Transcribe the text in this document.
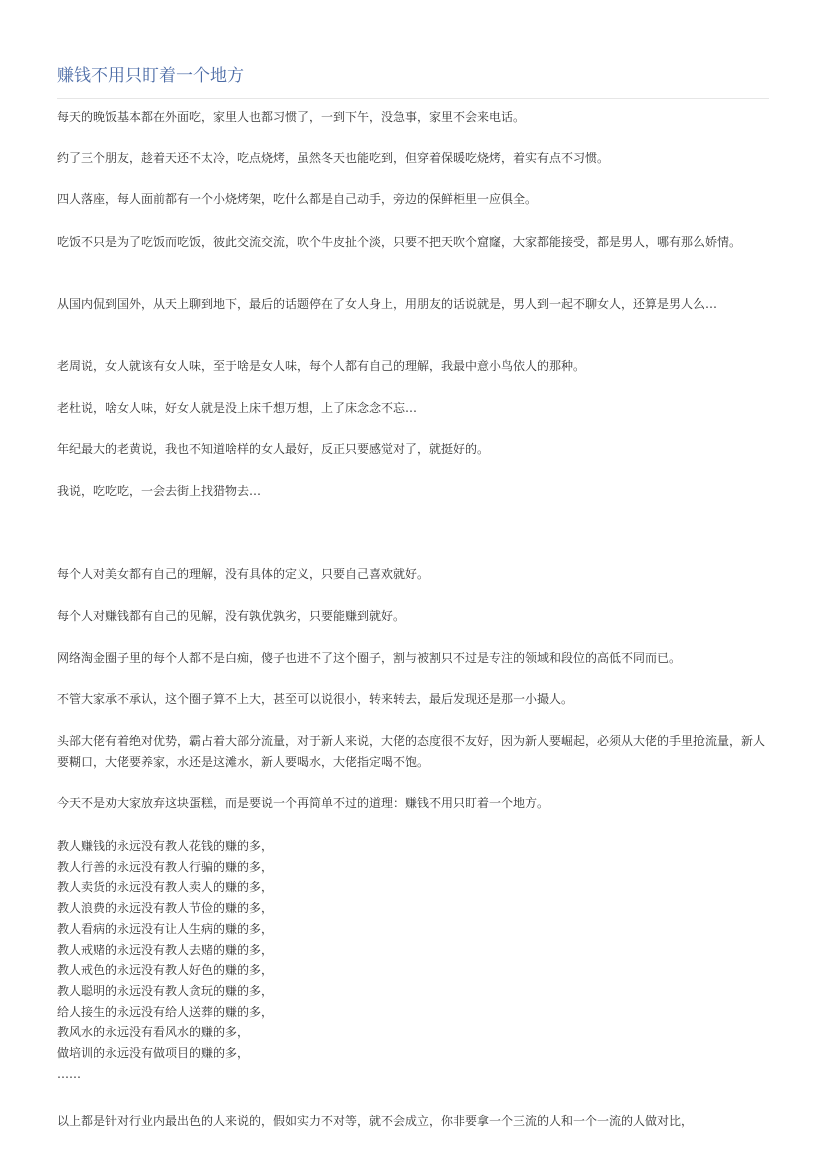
赚钱不用只盯着一个地方

每天的晚饭基本都在外面吃，家里人也都习惯了，一到下午，没急事，家里不会来电话。

约了三个朋友，趁着天还不太冷，吃点烧烤，虽然冬天也能吃到，但穿着保暖吃烧烤，着实有点不习惯。

四人落座，每人面前都有一个小烧烤架，吃什么都是自己动手，旁边的保鲜柜里一应俱全。

吃饭不只是为了吃饭而吃饭，彼此交流交流，吹个牛皮扯个淡，只要不把天吹个窟窿，大家都能接受，都是男人，哪有那么娇情。

从国内侃到国外，从天上聊到地下，最后的话题停在了女人身上，用朋友的话说就是，男人到一起不聊女人，还算是男人么…

老周说，女人就该有女人味，至于啥是女人味，每个人都有自己的理解，我最中意小鸟依人的那种。

老杜说，啥女人味，好女人就是没上床千想万想，上了床念念不忘…

年纪最大的老黄说，我也不知道啥样的女人最好，反正只要感觉对了，就挺好的。

我说，吃吃吃，一会去街上找猎物去…

每个人对美女都有自己的理解，没有具体的定义，只要自己喜欢就好。

每个人对赚钱都有自己的见解，没有孰优孰劣，只要能赚到就好。

网络淘金圈子里的每个人都不是白痴，傻子也进不了这个圈子，割与被割只不过是专注的领域和段位的高低不同而已。

不管大家承不承认，这个圈子算不上大，甚至可以说很小，转来转去，最后发现还是那一小撮人。

头部大佬有着绝对优势，霸占着大部分流量，对于新人来说，大佬的态度很不友好，因为新人要崛起，必须从大佬的手里抢流量，新人要糊口，大佬要养家，水还是这滩水，新人要喝水，大佬指定喝不饱。

今天不是劝大家放弃这块蛋糕，而是要说一个再简单不过的道理：赚钱不用只盯着一个地方。

教人赚钱的永远没有教人花钱的赚的多，
教人行善的永远没有教人行骗的赚的多，
教人卖货的永远没有教人卖人的赚的多，
教人浪费的永远没有教人节俭的赚的多，
教人看病的永远没有让人生病的赚的多，
教人戒赌的永远没有教人去赌的赚的多，
教人戒色的永远没有教人好色的赚的多，
教人聪明的永远没有教人贪玩的赚的多，
给人接生的永远没有给人送葬的赚的多，
教风水的永远没有看风水的赚的多，
做培训的永远没有做项目的赚的多，
……

以上都是针对行业内最出色的人来说的，假如实力不对等，就不会成立，你非要拿一个三流的人和一个一流的人做对比，
